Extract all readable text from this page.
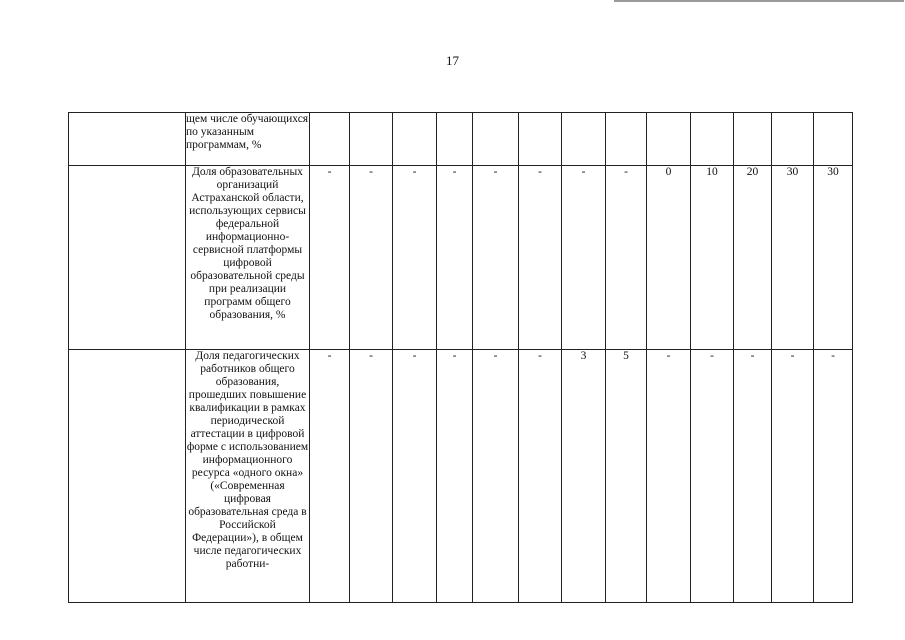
17
	щем числе обучающихся по указанным программам, %													
	Доля образовательных организаций Астраханской области, использующих сервисы федеральной информационно-сервисной платформы цифровой образовательной среды при реализации программ общего образования, %	-	-	-	-	-	-	-	-	0	10	20	30	30
	Доля педагогических работников общего образования, прошедших повышение квалификации в рамках периодической аттестации в цифровой форме с использованием информационного ресурса «одного окна» («Современная цифровая образовательная среда в Российской Федерации»), в общем числе педагогических работни-	-	-	-	-	-	-	3	5	-	-	-	-	-
